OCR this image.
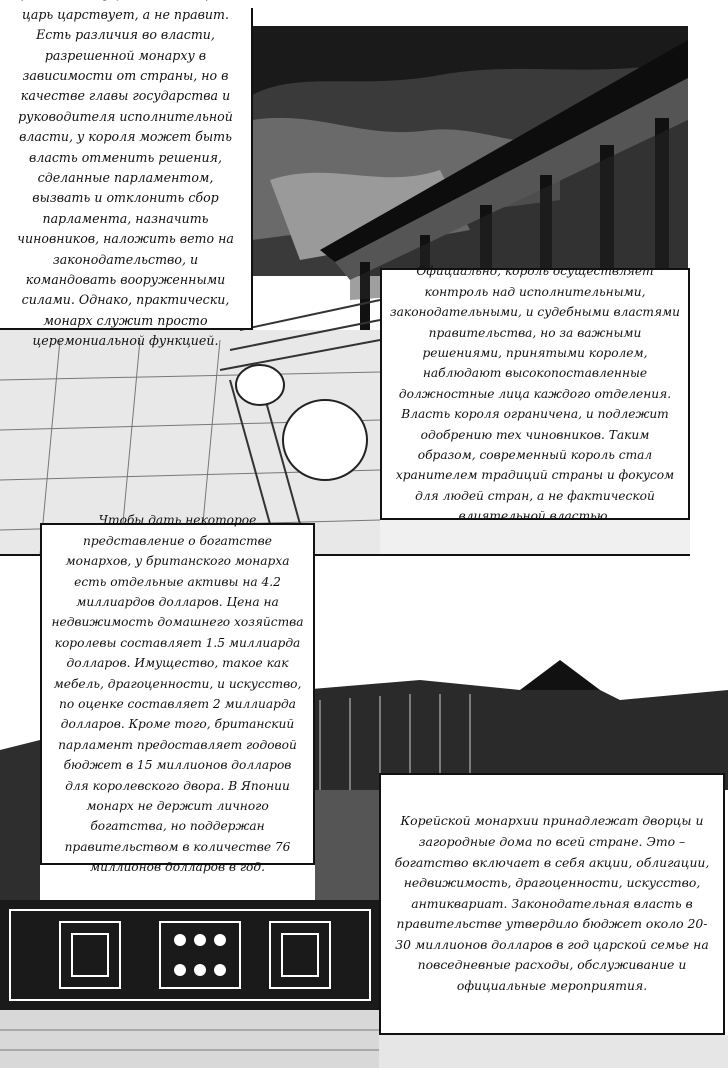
царь царствует, а не правит. Есть различия во власти, разрешенной монарху в зависимости от страны, но в качестве главы государства и руководителя исполнительной власти, у короля может быть власть отменить решения, сделанные парламентом, вызвать и отклонить сбор парламента, назначить чиновников, наложить вето на законодательство, и командовать вооруженными силами. Однако, практически, монарх служит просто церемониальной функцией.

Официально, король осуществляет контроль над исполнительными, законодательными, и судебными властями правительства, но за важными решениями, принятыми королем, наблюдают высокопоставленные должностные лица каждого отделения. Власть короля ограничена, и подлежит одобрению тех чиновников. Таким образом, современный король стал хранителем традиций страны и фокусом для людей стран, а не фактической влиятельной властью.

Чтобы дать некоторое представление о богатстве монархов, у британского монарха есть отдельные активы на 4.2 миллиардов долларов. Цена на недвижимость домашнего хозяйства королевы составляет 1.5 миллиарда долларов. Имущество, такое как мебель, драгоценности, и искусство, по оценке составляет 2 миллиарда долларов. Кроме того, британский парламент предоставляет годовой бюджет в 15 миллионов долларов для королевского двора. В Японии монарх не держит личного богатства, но поддержан правительством в количестве 76 миллионов долларов в год.

Корейской монархии принадлежат дворцы и загородные дома по всей стране. Это – богатство включает в себя акции, облигации, недвижимость, драгоценности, искусство, антиквариат. Законодательная власть в правительстве утвердило бюджет около 20-30 миллионов долларов в год царской семье на повседневные расходы, обслуживание и официальные мероприятия.
